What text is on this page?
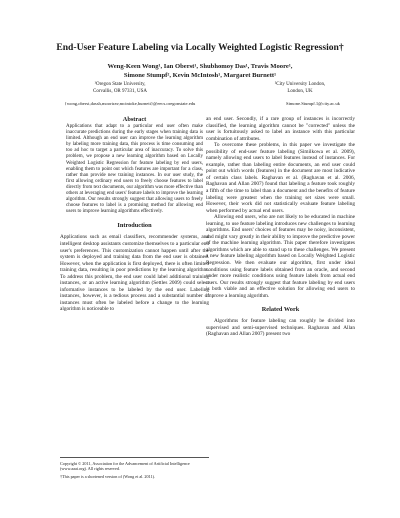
End-User Feature Labeling via Locally Weighted Logistic Regression†
Weng-Keen Wong¹, Ian Oberst¹, Shubhomoy Das¹, Travis Moore¹,
Simone Stumpf², Kevin McIntosh¹, Margaret Burnett¹
¹Oregon State University,
Corvallis, OR 97331, USA
²City University London,
London, UK
{wong,oberst,dassh,moortrav,mcintoke,burnett}@eecs.oregonstate.edu	Simone.Stumpf.1@city.ac.uk
Abstract

Applications that adapt to a particular end user often make inaccurate predictions during the early stages when training data is limited. Although an end user can improve the learning algorithm by labeling more training data, this process is time consuming and too ad hoc to target a particular area of inaccuracy. To solve this problem, we propose a new learning algorithm based on Locally Weighted Logistic Regression for feature labeling by end users, enabling them to point out which features are important for a class, rather than provide new training instances. In our user study, the first allowing ordinary end users to freely choose features to label directly from text documents, our algorithm was more effective than others at leveraging end users' feature labels to improve the learning algorithm. Our results strongly suggest that allowing users to freely choose features to label is a promising method for allowing end users to improve learning algorithms effectively.

Introduction

Applications such as email classifiers, recommender systems, and intelligent desktop assistants customize themselves to a particular end user's preferences. This customization cannot happen until after the system is deployed and training data from the end user is obtained. However, when the application is first deployed, there is often limited training data, resulting in poor predictions by the learning algorithm. To address this problem, the end user could label additional training instances, or an active learning algorithm (Settles 2009) could select informative instances to be labeled by the end user. Labeling instances, however, is a tedious process and a substantial number of instances must often be labeled before a change to the learning algorithm is noticeable to

an end user. Secondly, if a rare group of instances is incorrectly classified, the learning algorithm cannot be "corrected" unless the user is fortuitously asked to label an instance with this particular combination of attributes.

To overcome these problems, in this paper we investigate the possibility of end-user feature labeling (Similkowa et al. 2009), namely allowing end users to label features instead of instances. For example, rather than labeling entire documents, an end user could point out which words (features) in the document are most indicative of certain class labels. Raghavan et al. (Raghavan et al. 2006, Raghavan and Allan 2007) found that labeling a feature took roughly a fifth of the time to label than a document and the benefits of feature labeling were greatest when the training set sizes were small. However, their work did not statistically evaluate feature labeling when performed by actual end users.

Allowing end users, who are not likely to be educated in machine learning, to use feature labeling introduces new challenges to learning algorithms. End users' choices of features may be noisy, inconsistent, and might vary greatly in their ability to improve the predictive power of the machine learning algorithm. This paper therefore investigates algorithms which are able to stand up to these challenges. We present a new feature labeling algorithm based on Locally Weighted Logistic Regression. We then evaluate our algorithm, first under ideal conditions using feature labels obtained from an oracle, and second under more realistic conditions using feature labels from actual end users. Our results strongly suggest that feature labeling by end users is both viable and an effective solution for allowing end users to improve a learning algorithm.

Related Work

Algorithms for feature labeling can roughly be divided into supervised and semi-supervised techniques. Raghavan and Allan (Raghavan and Allan 2007) present two

Copyright © 2011, Association for the Advancement of Artificial Intelligence (www.aaai.org). All rights reserved.

†This paper is a shortened version of (Wong et al. 2011).
